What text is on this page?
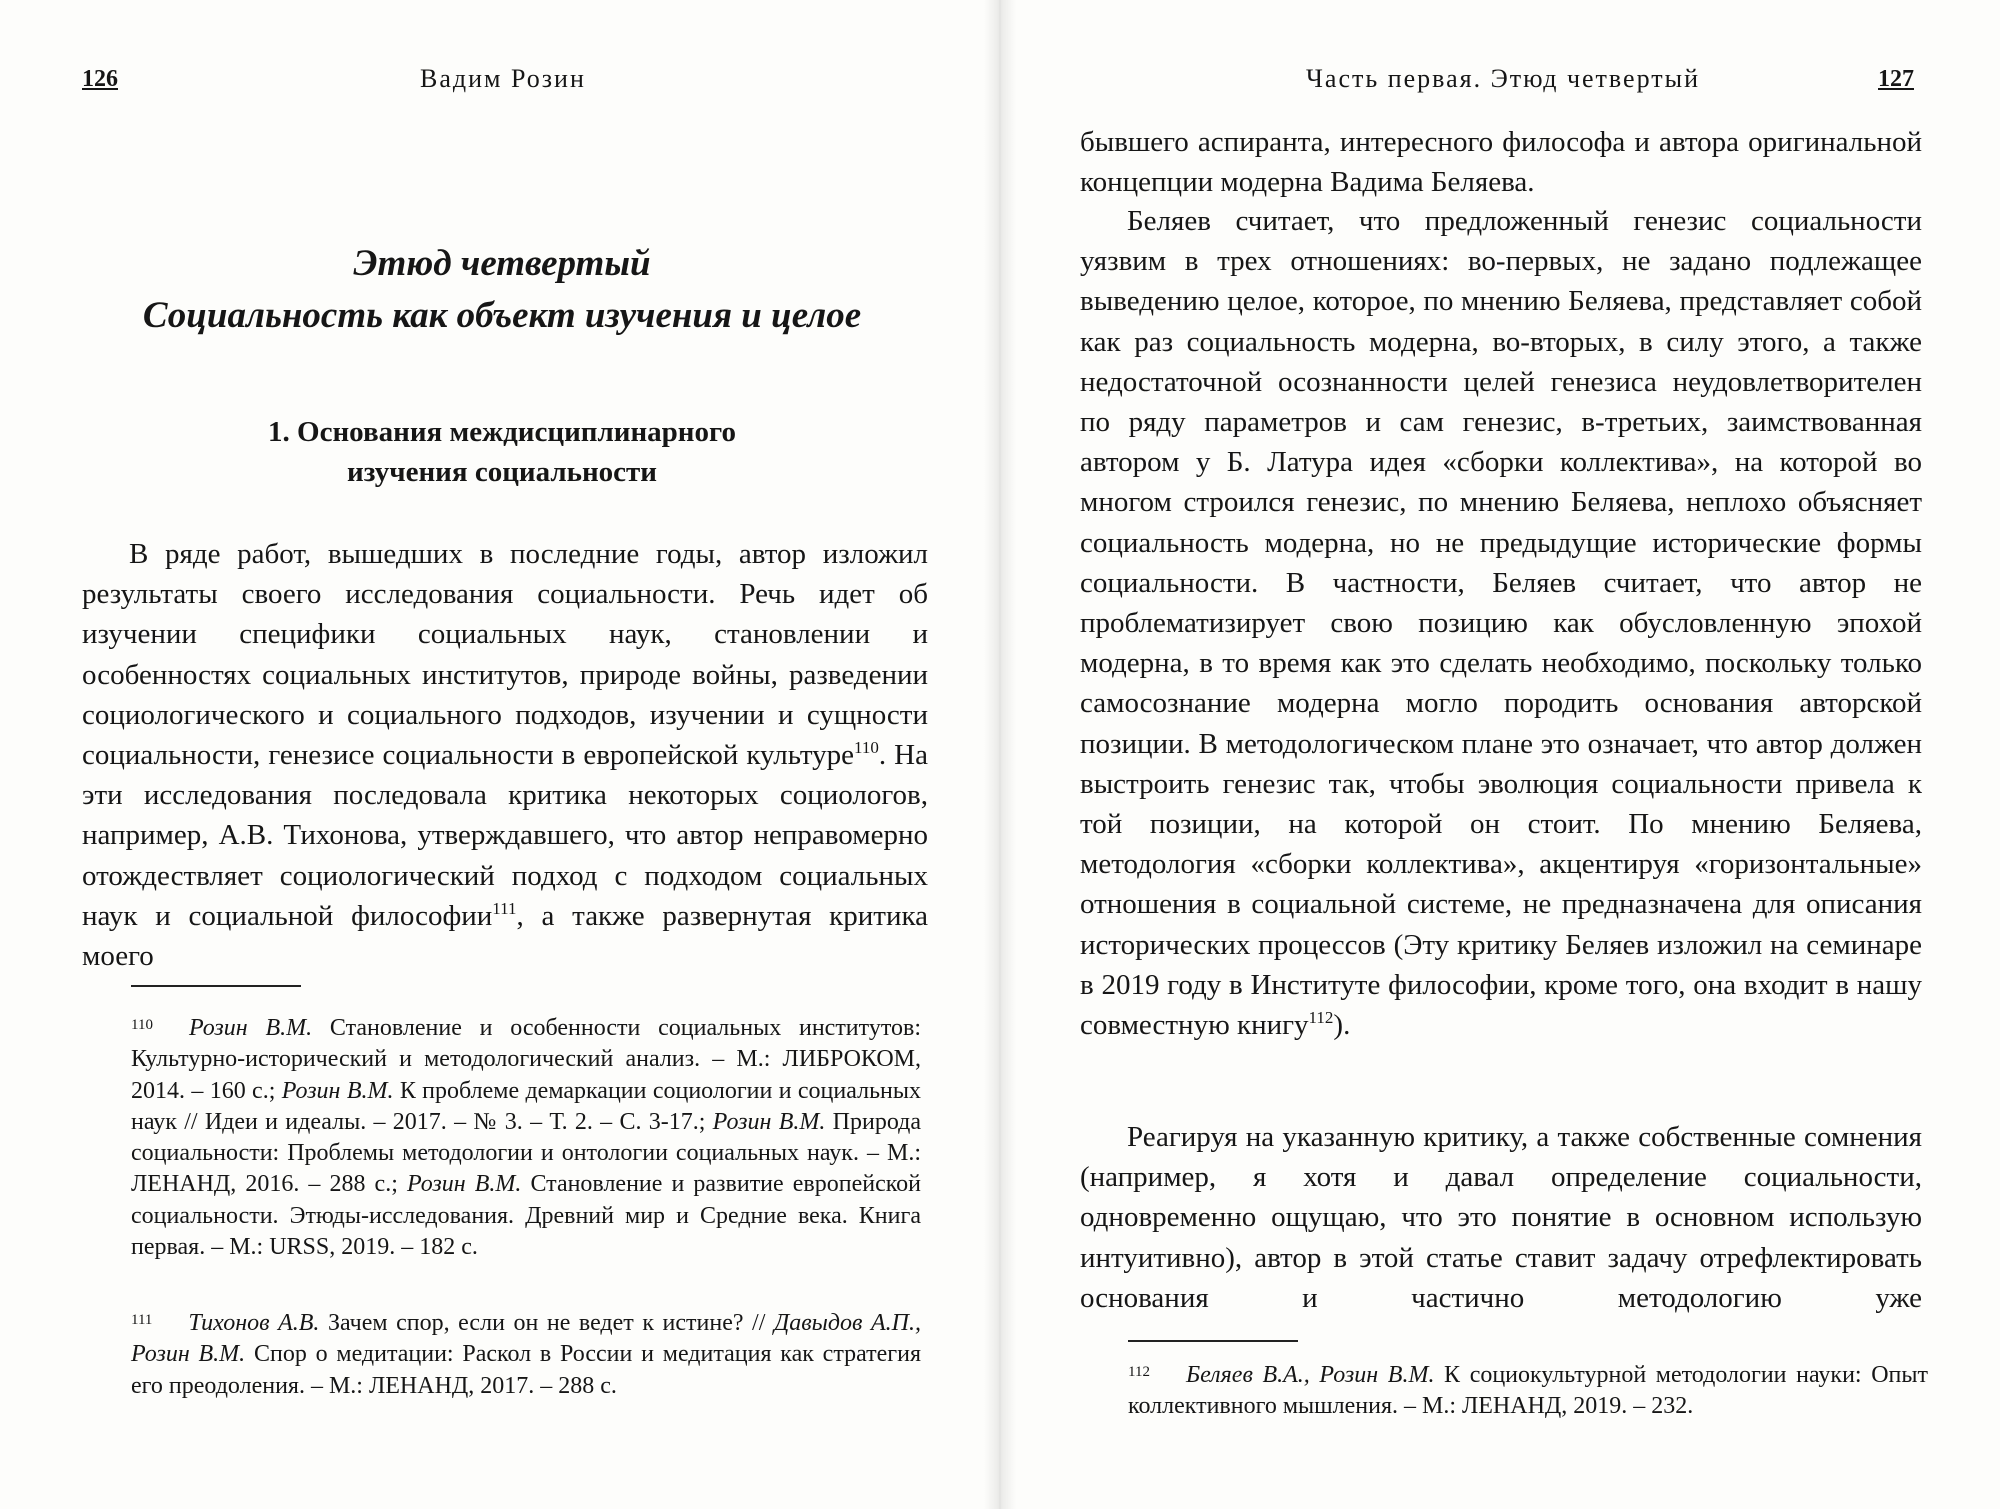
126	Вадим Розин
Этюд четвертый
Социальность как объект изучения и целое
1. Основания междисциплинарного
изучения социальности

В ряде работ, вышедших в последние годы, автор изложил результаты своего исследования социальности. Речь идет об изучении специфики социальных наук, становлении и особенностях социальных институтов, природе войны, разведении социологического и социального подходов, изучении и сущности социальности, генезисе социальности в европейской культуре$^{110}$. На эти исследования последовала критика некоторых социологов, например, А.В. Тихонова, утверждавшего, что автор неправомерно отождествляет социологический подход с подходом социальных наук и социальной философии$^{111}$, а также развернутая критика моего

$^{110}$ Розин В.М. Становление и особенности социальных институтов: Культурно-исторический и методологический анализ. – М.: ЛИБРОКОМ, 2014. – 160 с.; Розин В.М. К проблеме демаркации социологии и социальных наук // Идеи и идеалы. – 2017. – № 3. – Т. 2. – С. 3-17.; Розин В.М. Природа социальности: Проблемы методологии и онтологии социальных наук. – М.: ЛЕНАНД, 2016. – 288 с.; Розин В.М. Становление и развитие европейской социальности. Этюды-исследования. Древний мир и Средние века. Книга первая. – М.: URSS, 2019. – 182 с.

$^{111}$ Тихонов А.В. Зачем спор, если он не ведет к истине? // Давыдов А.П., Розин В.М. Спор о медитации: Раскол в России и медитация как стратегия его преодоления. – М.: ЛЕНАНД, 2017. – 288 с.

Часть первая. Этюд четвертый	127

бывшего аспиранта, интересного философа и автора оригинальной концепции модерна Вадима Беляева.

Беляев считает, что предложенный генезис социальности уязвим в трех отношениях: во-первых, не задано подлежащее выведению целое, которое, по мнению Беляева, представляет собой как раз социальность модерна, во-вторых, в силу этого, а также недостаточной осознанности целей генезиса неудовлетворителен по ряду параметров и сам генезис, в-третьих, заимствованная автором у Б. Латура идея «сборки коллектива», на которой во многом строился генезис, по мнению Беляева, неплохо объясняет социальность модерна, но не предыдущие исторические формы социальности. В частности, Беляев считает, что автор не проблематизирует свою позицию как обусловленную эпохой модерна, в то время как это сделать необходимо, поскольку только самосознание модерна могло породить основания авторской позиции. В методологическом плане это означает, что автор должен выстроить генезис так, чтобы эволюция социальности привела к той позиции, на которой он стоит. По мнению Беляева, методология «сборки коллектива», акцентируя «горизонтальные» отношения в социальной системе, не предназначена для описания исторических процессов (Эту критику Беляев изложил на семинаре в 2019 году в Институте философии, кроме того, она входит в нашу совместную книгу$^{112}$).

Реагируя на указанную критику, а также собственные сомнения (например, я хотя и давал определение социальности, одновременно ощущаю, что это понятие в основном использую интуитивно), автор в этой статье ставит задачу отрефлектировать основания и частично методологию уже

$^{112}$ Беляев В.А., Розин В.М. К социокультурной методологии науки: Опыт коллективного мышления. – М.: ЛЕНАНД, 2019. – 232.
